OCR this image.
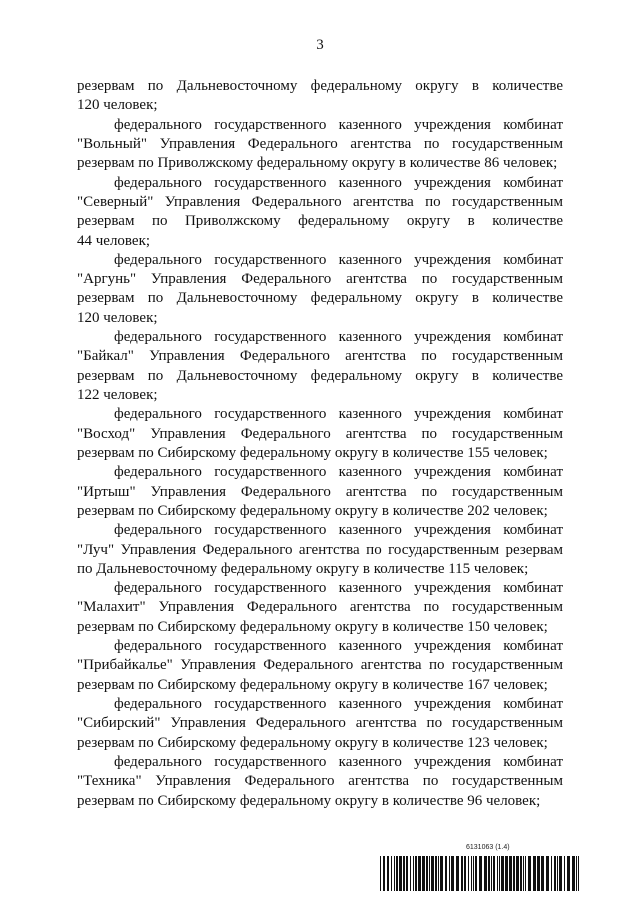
3
резервам по Дальневосточному федеральному округу в количестве
120 человек;
федерального государственного казенного учреждения комбинат
"Вольный" Управления Федерального агентства по государственным
резервам по Приволжскому федеральному округу в количестве 86 человек;
федерального государственного казенного учреждения комбинат
"Северный" Управления Федерального агентства по государственным
резервам по Приволжскому федеральному округу в количестве
44 человек;
федерального государственного казенного учреждения комбинат
"Аргунь" Управления Федерального агентства по государственным
резервам по Дальневосточному федеральному округу в количестве
120 человек;
федерального государственного казенного учреждения комбинат
"Байкал" Управления Федерального агентства по государственным
резервам по Дальневосточному федеральному округу в количестве
122 человек;
федерального государственного казенного учреждения комбинат
"Восход" Управления Федерального агентства по государственным
резервам по Сибирскому федеральному округу в количестве 155 человек;
федерального государственного казенного учреждения комбинат
"Иртыш" Управления Федерального агентства по государственным
резервам по Сибирскому федеральному округу в количестве 202 человек;
федерального государственного казенного учреждения комбинат
"Луч" Управления Федерального агентства по государственным резервам
по Дальневосточному федеральному округу в количестве 115 человек;
федерального государственного казенного учреждения комбинат
"Малахит" Управления Федерального агентства по государственным
резервам по Сибирскому федеральному округу в количестве 150 человек;
федерального государственного казенного учреждения комбинат
"Прибайкалье" Управления Федерального агентства по государственным
резервам по Сибирскому федеральному округу в количестве 167 человек;
федерального государственного казенного учреждения комбинат
"Сибирский" Управления Федерального агентства по государственным
резервам по Сибирскому федеральному округу в количестве 123 человек;
федерального государственного казенного учреждения комбинат
"Техника" Управления Федерального агентства по государственным
резервам по Сибирскому федеральному округу в количестве 96 человек;
6131063 (1.4)
